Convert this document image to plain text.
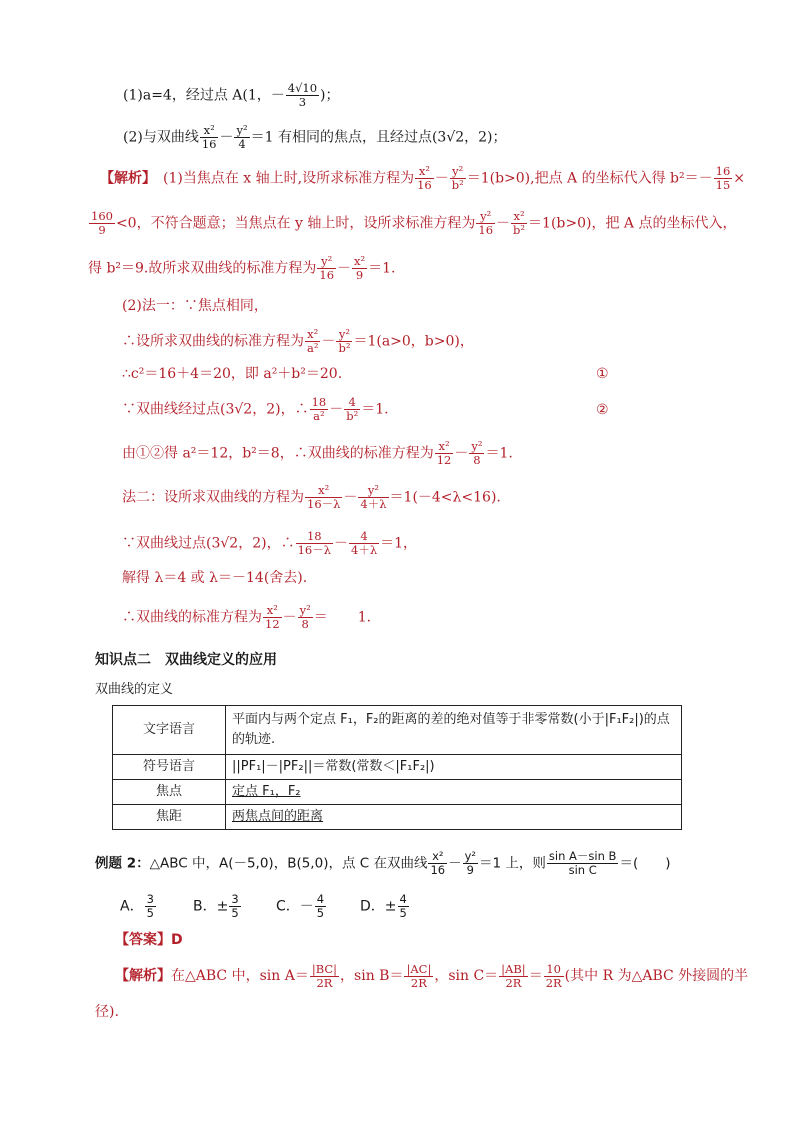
(1)a=4，经过点 A(1，－ $\frac{4√10}{3}$ )；
(2)与双曲线 $\frac{\text{x²}}{16} - \frac{\text{y²}}{4} =1$ 有相同的焦点，且经过点(3√2，2)；
【解析】　 (1)当焦点在 x 轴上时,设所求标准方程为 $\frac{\text{x²}}{16} - \frac{\text{y²}}{\text{b²}} =1(b>0)$,把点 A 的坐标代入得 $b^2=- \frac{16}{15}$ ×
$\frac{160}{9} <0$，不符合题意；当焦点在 y 轴上时，设所求标准方程为 $\frac{\text{y²}}{16} - \frac{\text{x²}}{\text{b²}} =1(b>0)$，把 A 点的坐标代入，
得 b²＝9.故所求双曲线的标准方程为 $\frac{\text{y²}}{16} - \frac{\text{x²}}{9} =1$.
(2)法一：∵焦点相同，
∴设所求双曲线的标准方程为 $\frac{\text{x²}}{\text{a²}} - \frac{\text{y²}}{\text{b²}} =1(a>0$，b>0)，
∴c²＝16＋4＝20，即 a²＋b²＝20.	①
∵双曲线经过点(3√2，2)，∴ $\frac{18}{\text{a²}} - \frac{4}{\text{b²}} =1$.	②
由①②得 a²＝12，b²＝8，∴双曲线的标准方程为 $\frac{\text{x²}}{12} - \frac{\text{y²}}{8} =1$.
法二：设所求双曲线的方程为 $\frac{\text{x²}}{16-\lambda} - \frac{\text{y²}}{4+\lambda} =1(-4<\lambda<16)$.
∵双曲线过点(3√2，2)，∴ $\frac{18}{16-\lambda} - \frac{4}{4+\lambda} =1$，
解得 λ＝4 或 λ＝－14(舍去).
∴双曲线的标准方程为 $\frac{\text{x²}}{12} - \frac{\text{y²}}{8} = 1$.
知识点二　双曲线定义的应用
双曲线的定义
文字语言	平面内与两个定点 F₁，F₂的距离的差的绝对值等于非零常数(小于|F₁F₂|)的点的轨迹.
符号语言	||PF₁|－|PF₂||＝常数(常数＜|F₁F₂|)
焦点	定点 F₁，F₂
焦距	两焦点间的距离
例题 2：△ABC 中，A(－5,0)，B(5,0)，点 C 在双曲线 $\frac{\text{x²}}{16} - \frac{\text{y²}}{9} =1$ 上，则 $\frac{\text{sin A－sin B}}{\text{sin C}}$ ＝(　　)
A． $\frac{3}{5}$	B．± $\frac{3}{5}$	C．－ $\frac{4}{5}$ D．± $\frac{4}{5}$
【答案】D
【解析】在△ABC 中，$\sin A= \frac{|BC|}{2R}$ ，$\sin B= \frac{|AC|}{2R}$ ，$\sin C= \frac{|AB|}{2R} = \frac{10}{2R}$ (其中 R 为△ABC 外接圆的半
径).
